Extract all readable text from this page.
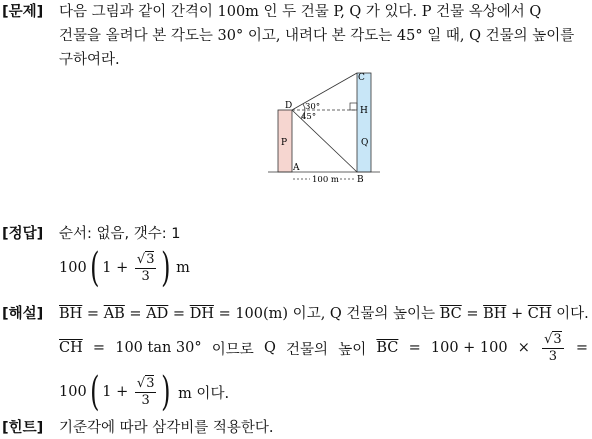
[문제] 다음 그림과 같이 간격이 100m 인 두 건물 P, Q 가 있다. P 건물 옥상에서 Q
건물을 올려다 본 각도는 30° 이고, 내려다 본 각도는 45° 일 때, Q 건물의 높이를
구하여라.
C
D	H
A
B
P	Q
30°
45°
100 m
[정답] 순서: 없음, 갯수: 1
100 ( $1 + \frac{√3}{3}$ ) m
[해설] $\overline{BH} = \overline{AB} = \overline{AD} = \overline{DH} = 100(m)$ 이고, Q 건물의 높이는 $\overline{BC} = \overline{BH} + \overline{CH}$ 이다.
$\overline{CH} = 100$ tan 30° 이므로 Q 건물의 높이 $\overline{BC} = 100 + 100 \times \frac{√3}{3}$ =
100 ( $1 + \frac{√3}{3}$ ) m 이다.
[힌트] 기준각에 따라 삼각비를 적용한다.
